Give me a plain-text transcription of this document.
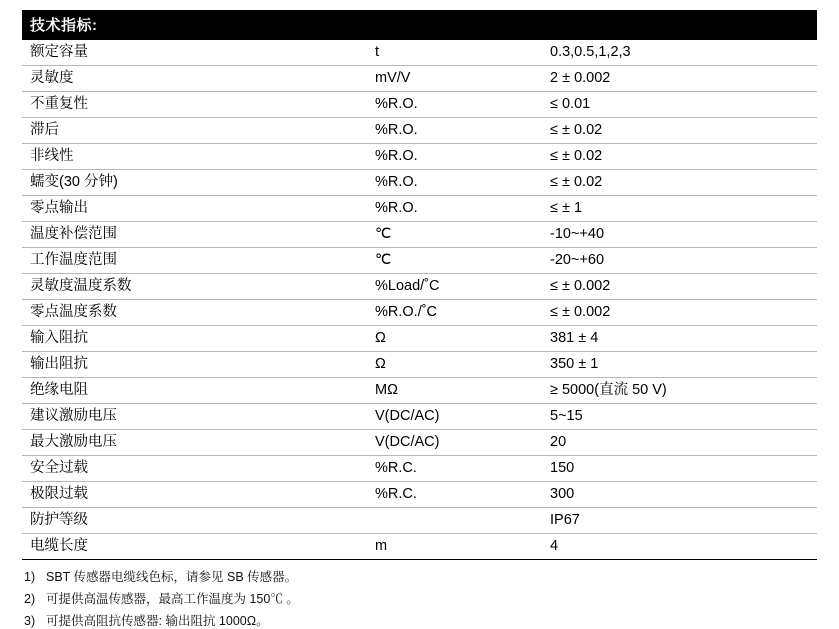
技术指标:
额定容量	t	0.3,0.5,1,2,3
灵敏度	mV/V	2 ± 0.002
不重复性	%R.O.	≤ 0.01
滞后	%R.O.	≤ ± 0.02
非线性	%R.O.	≤ ± 0.02
蠕变(30 分钟)	%R.O.	≤ ± 0.02
零点输出	%R.O.	≤ ± 1
温度补偿范围	℃	-10~+40
工作温度范围	℃	-20~+60
灵敏度温度系数	%Load/˚C	≤ ± 0.002
零点温度系数	%R.O./˚C	≤ ± 0.002
输入阻抗	Ω	381 ± 4
输出阻抗	Ω	350 ± 1
绝缘电阻	MΩ	≥ 5000(直流 50 V)
建议激励电压	V(DC/AC)	5~15
最大激励电压	V(DC/AC)	20
安全过载	%R.C.	150
极限过载	%R.C.	300
防护等级		IP67
电缆长度	m	4
1) SBT 传感器电缆线色标，请参见 SB 传感器。
2) 可提供高温传感器，最高工作温度为 150℃ 。
3) 可提供高阻抗传感器: 输出阻抗 1000Ω。
